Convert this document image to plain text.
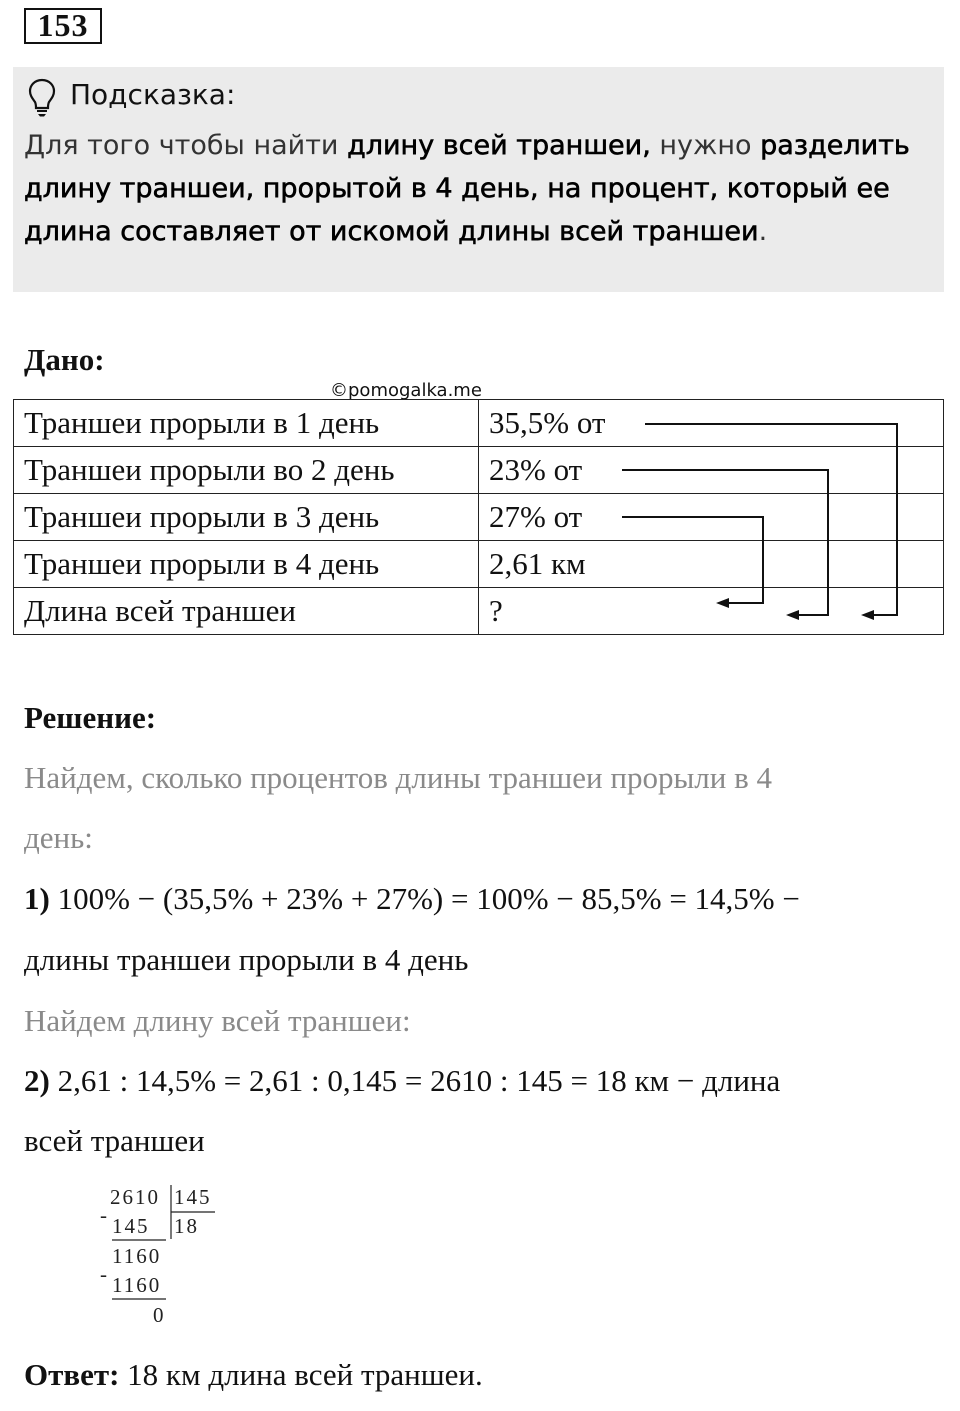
153
Подсказка:
Для того чтобы найти длину всей траншеи, нужно разделить длину траншеи, прорытой в 4 день, на процент, который ее длина составляет от искомой длины всей траншеи.
Дано:
©pomogalka.me
Траншеи прорыли в 1 день	35,5% от
Траншеи прорыли во 2 день	23% от
Траншеи прорыли в 3 день	27% от
Траншеи прорыли в 4 день	2,61 км
Длина всей траншеи	?
Решение:
Найдем, сколько процентов длины траншеи прорыли в 4
день:
1) 100% − (35,5% + 23% + 27%) = 100% − 85,5% = 14,5% −
длины траншеи прорыли в 4 день
Найдем длину всей траншеи:
2) 2,61 : 14,5% = 2,61 : 0,145 = 2610 : 145 = 18 км − длина
всей траншеи
2610 145
- 145 18
1160
- 1160
0
Ответ: 18 км длина всей траншеи.
